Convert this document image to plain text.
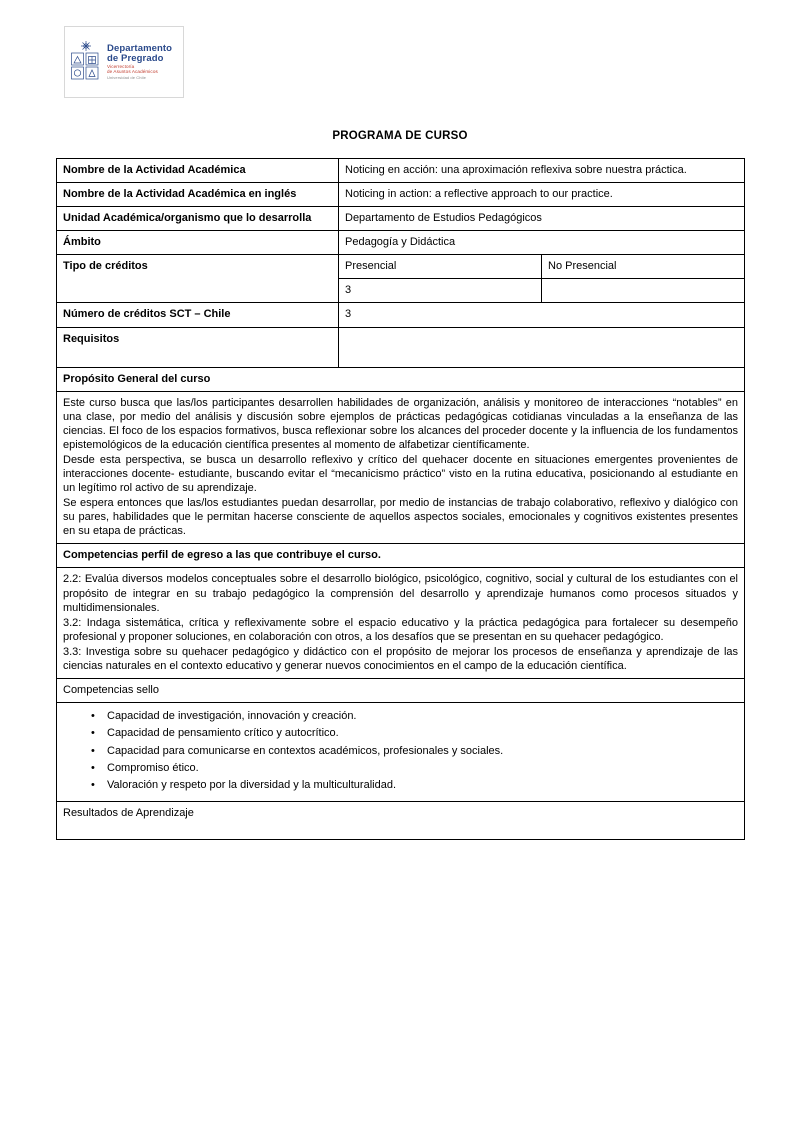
Departamento
de Pregrado
Vicerrectoría
de Asuntos Académicos
Universidad de Chile
PROGRAMA DE CURSO
Nombre de la Actividad Académica	Noticing en acción: una aproximación reflexiva sobre nuestra práctica.	
Nombre de la Actividad Académica en inglés	Noticing in action: a reflective approach to our practice.	
Unidad Académica/organismo que lo desarrolla	Departamento de Estudios Pedagógicos	
Ámbito	Pedagogía y Didáctica	
Tipo de créditos	Presencial	No Presencial
	3	
Número de créditos SCT – Chile	3	
Requisitos		
Propósito General del curso		

Este curso busca que las/los participantes desarrollen habilidades de organización, análisis y monitoreo de interacciones “notables” en una clase, por medio del análisis y discusión sobre ejemplos de prácticas pedagógicas cotidianas vinculadas a la enseñanza de las ciencias. El foco de los espacios formativos, busca reflexionar sobre los alcances del proceder docente y la influencia de los fundamentos epistemológicos de la educación científica presentes al momento de alfabetizar científicamente.

Desde esta perspectiva, se busca un desarrollo reflexivo y crítico del quehacer docente en situaciones emergentes provenientes de interacciones docente- estudiante, buscando evitar el “mecanicismo práctico” visto en la rutina educativa, posicionando al estudiante en un legítimo rol activo de su aprendizaje.

Se espera entonces que las/los estudiantes puedan desarrollar, por medio de instancias de trabajo colaborativo, reflexivo y dialógico con su pares, habilidades que le permitan hacerse consciente de aquellos aspectos sociales, emocionales y cognitivos existentes presentes en su etapa de prácticas.		

Competencias perfil de egreso a las que contribuye el curso.		

2.2: Evalúa diversos modelos conceptuales sobre el desarrollo biológico, psicológico, cognitivo, social y cultural de los estudiantes con el propósito de integrar en su trabajo pedagógico la comprensión del desarrollo y aprendizaje humanos como procesos situados y multidimensionales.

3.2: Indaga sistemática, crítica y reflexivamente sobre el espacio educativo y la práctica pedagógica para fortalecer su desempeño profesional y proponer soluciones, en colaboración con otros, a los desafíos que se presentan en su quehacer pedagógico.

3.3: Investiga sobre su quehacer pedagógico y didáctico con el propósito de mejorar los procesos de enseñanza y aprendizaje de las ciencias naturales en el contexto educativo y generar nuevos conocimientos en el campo de la educación científica.		

Competencias sello		

• Capacidad de investigación, innovación y creación.
• Capacidad de pensamiento crítico y autocrítico.
• Capacidad para comunicarse en contextos académicos, profesionales y sociales.
• Compromiso ético.
• Valoración y respeto por la diversidad y la multiculturalidad.

Resultados de Aprendizaje		
